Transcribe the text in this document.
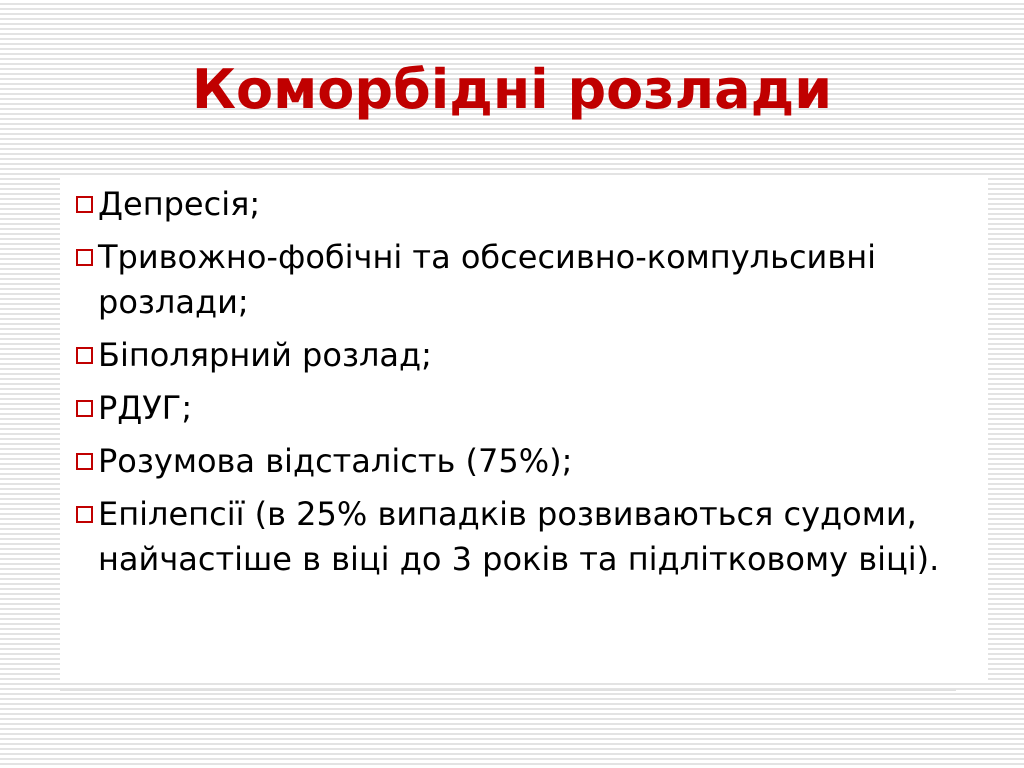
Коморбідні розлади
Депресія;
Тривожно-фобічні та обсесивно-компульсивні розлади;
Біполярний розлад;
РДУГ;
Розумова відсталість (75%);
Епілепсії (в 25% випадків розвиваються судоми, найчастіше в віці до 3 років та підлітковому віці).
